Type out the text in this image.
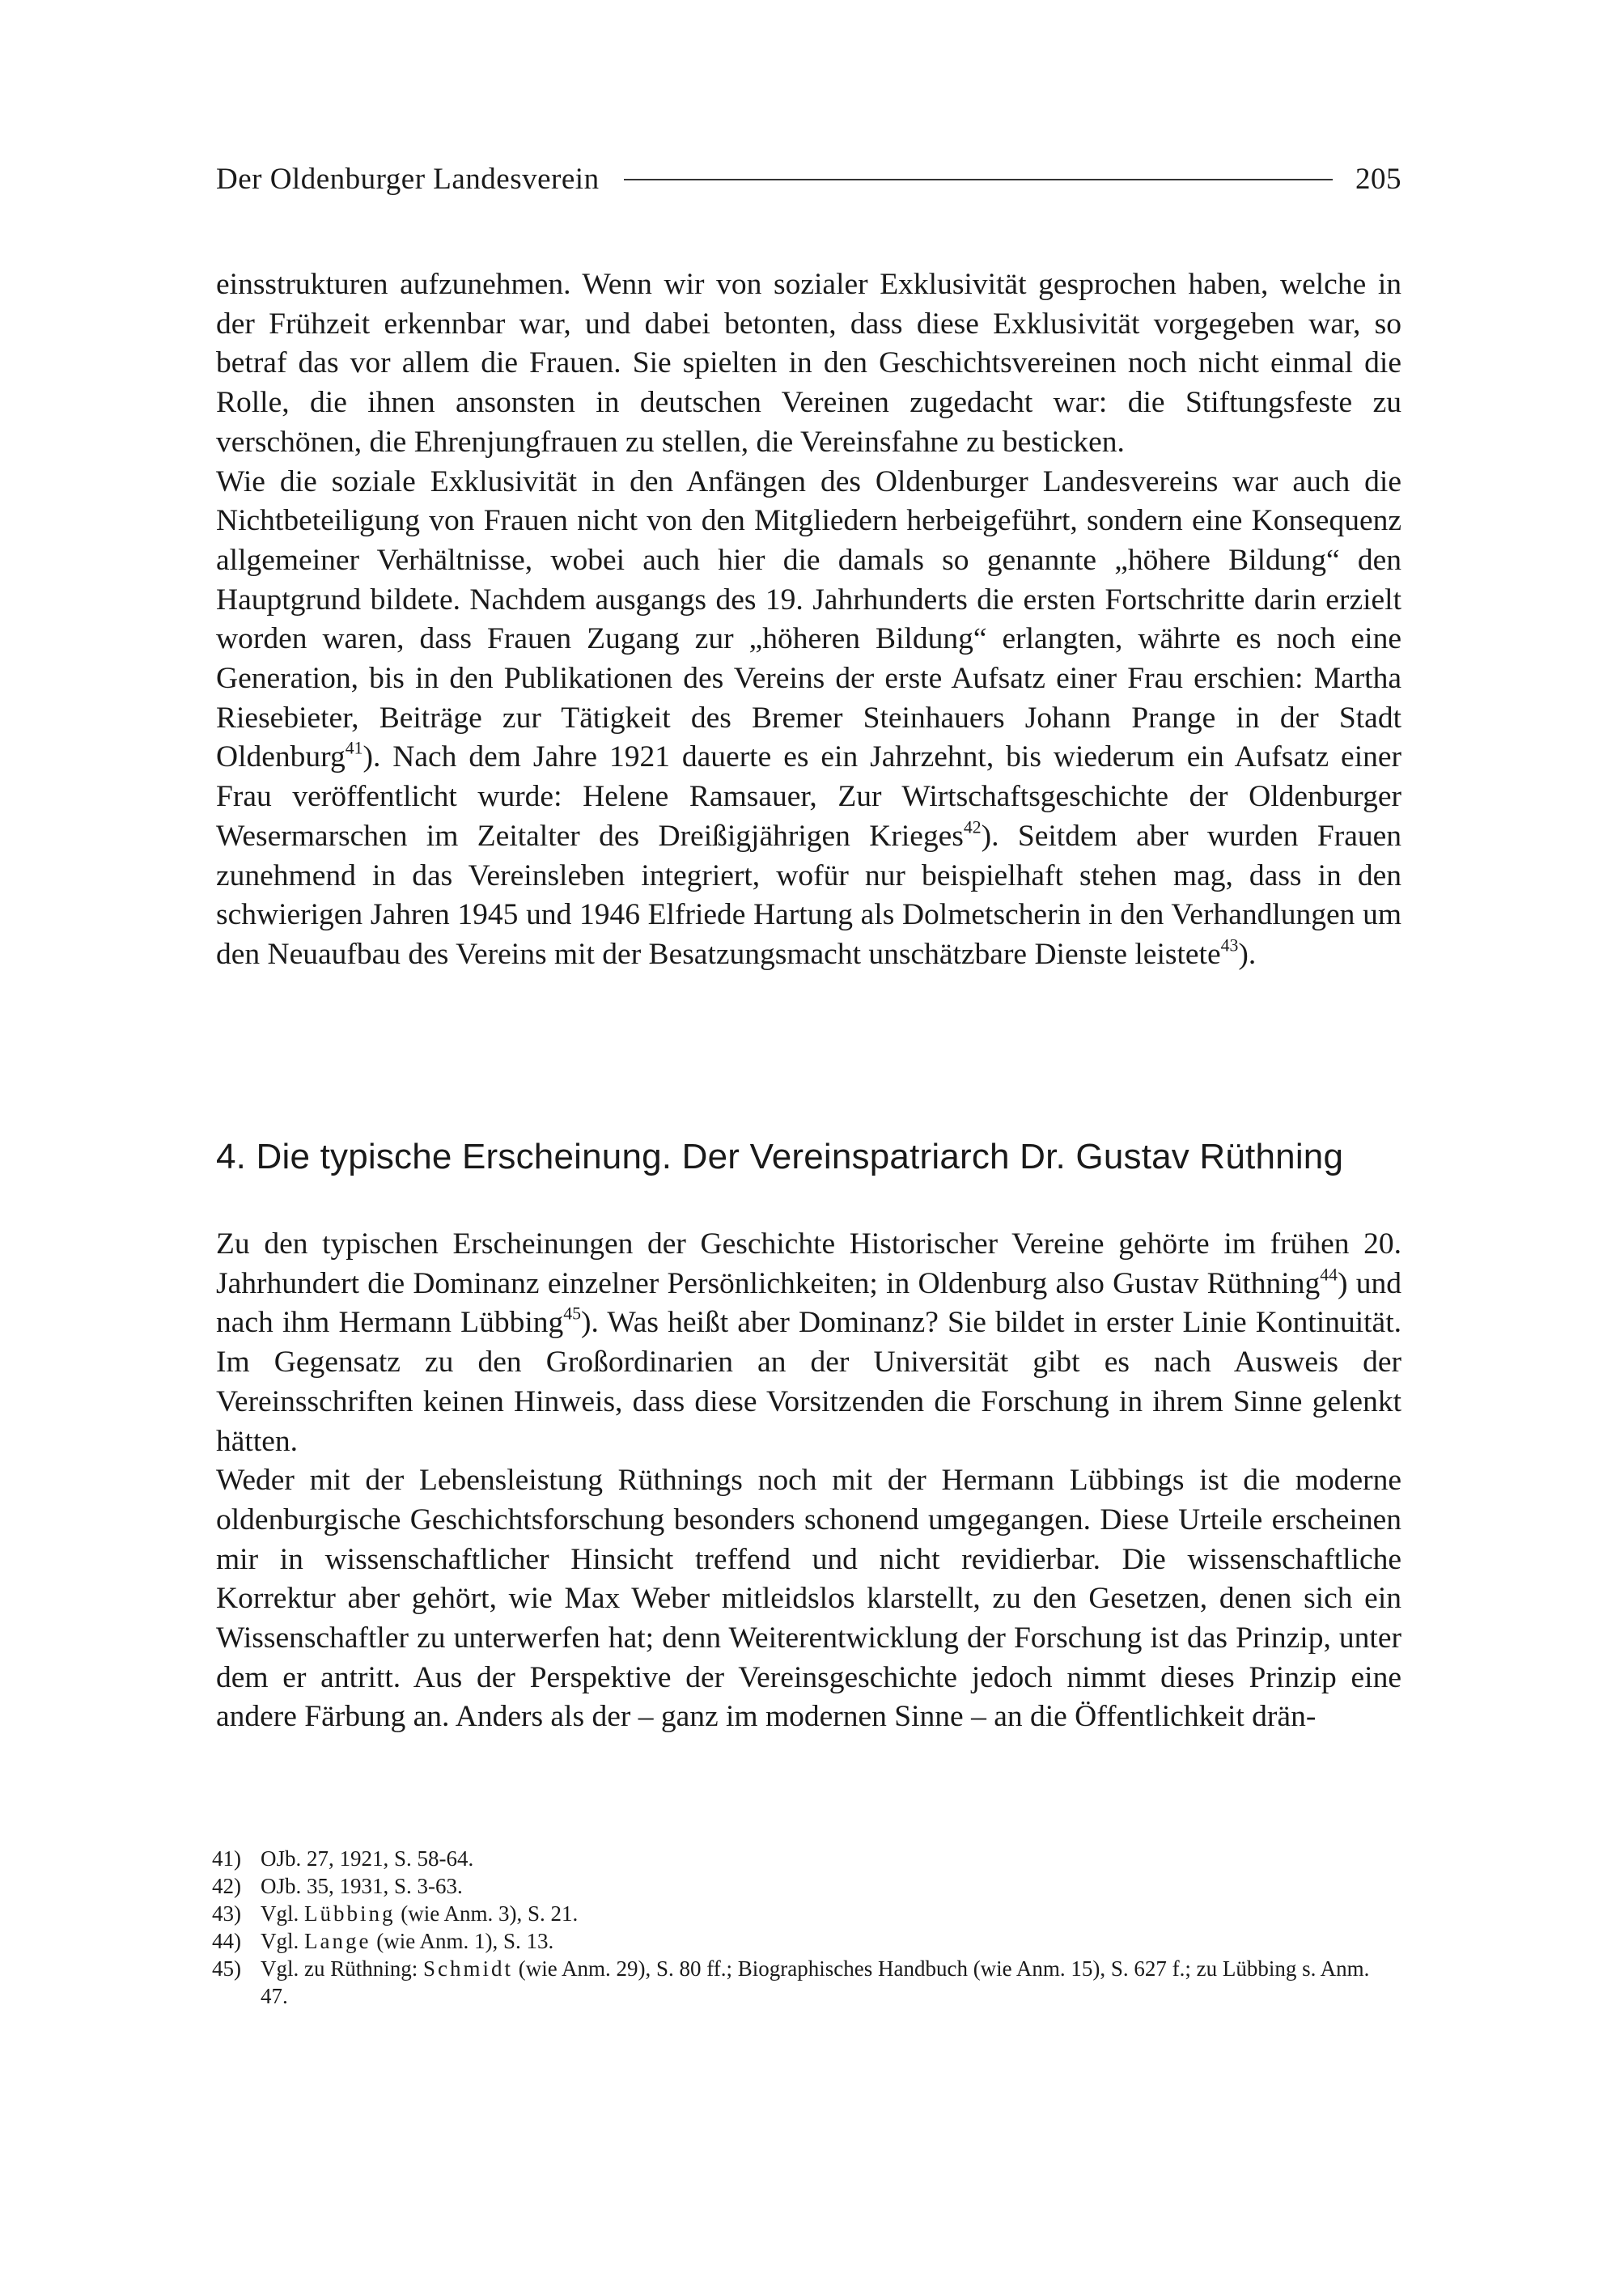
Der Oldenburger Landesverein	205

einsstrukturen aufzunehmen. Wenn wir von sozialer Exklusivität gesprochen haben, welche in der Frühzeit erkennbar war, und dabei betonten, dass diese Exklusivität vorgegeben war, so betraf das vor allem die Frauen. Sie spielten in den Geschichtsvereinen noch nicht einmal die Rolle, die ihnen ansonsten in deutschen Vereinen zugedacht war: die Stiftungsfeste zu verschönen, die Ehrenjungfrauen zu stellen, die Vereinsfahne zu besticken.

Wie die soziale Exklusivität in den Anfängen des Oldenburger Landesvereins war auch die Nichtbeteiligung von Frauen nicht von den Mitgliedern herbeigeführt, sondern eine Konsequenz allgemeiner Verhältnisse, wobei auch hier die damals so genannte „höhere Bildung“ den Hauptgrund bildete. Nachdem ausgangs des 19. Jahrhunderts die ersten Fortschritte darin erzielt worden waren, dass Frauen Zugang zur „höheren Bildung“ erlangten, währte es noch eine Generation, bis in den Publikationen des Vereins der erste Aufsatz einer Frau erschien: Martha Riesebieter, Beiträge zur Tätigkeit des Bremer Steinhauers Johann Prange in der Stadt Oldenburg$^{41}$). Nach dem Jahre 1921 dauerte es ein Jahrzehnt, bis wiederum ein Aufsatz einer Frau veröffentlicht wurde: Helene Ramsauer, Zur Wirtschaftsgeschichte der Oldenburger Wesermarschen im Zeitalter des Dreißigjährigen Krieges$^{42}$). Seitdem aber wurden Frauen zunehmend in das Vereinsleben integriert, wofür nur beispielhaft stehen mag, dass in den schwierigen Jahren 1945 und 1946 Elfriede Hartung als Dolmetscherin in den Verhandlungen um den Neuaufbau des Vereins mit der Besatzungsmacht unschätzbare Dienste leistete$^{43}$).

4. Die typische Erscheinung. Der Vereinspatriarch Dr. Gustav Rüthning

Zu den typischen Erscheinungen der Geschichte Historischer Vereine gehörte im frühen 20. Jahrhundert die Dominanz einzelner Persönlichkeiten; in Oldenburg also Gustav Rüthning$^{44}$) und nach ihm Hermann Lübbing$^{45}$). Was heißt aber Dominanz? Sie bildet in erster Linie Kontinuität. Im Gegensatz zu den Großordinarien an der Universität gibt es nach Ausweis der Vereinsschriften keinen Hinweis, dass diese Vorsitzenden die Forschung in ihrem Sinne gelenkt hätten.

Weder mit der Lebensleistung Rüthnings noch mit der Hermann Lübbings ist die moderne oldenburgische Geschichtsforschung besonders schonend umgegangen. Diese Urteile erscheinen mir in wissenschaftlicher Hinsicht treffend und nicht revidierbar. Die wissenschaftliche Korrektur aber gehört, wie Max Weber mitleidslos klarstellt, zu den Gesetzen, denen sich ein Wissenschaftler zu unterwerfen hat; denn Weiterentwicklung der Forschung ist das Prinzip, unter dem er antritt. Aus der Perspektive der Vereinsgeschichte jedoch nimmt dieses Prinzip eine andere Färbung an. Anders als der – ganz im modernen Sinne – an die Öffentlichkeit drän-

41) OJb. 27, 1921, S. 58-64.
42) OJb. 35, 1931, S. 3-63.
43) Vgl. Lübbing (wie Anm. 3), S. 21.
44) Vgl. Lange (wie Anm. 1), S. 13.
45) Vgl. zu Rüthning: Schmidt (wie Anm. 29), S. 80 ff.; Biographisches Handbuch (wie Anm. 15), S. 627 f.; zu Lübbing s. Anm. 47.
